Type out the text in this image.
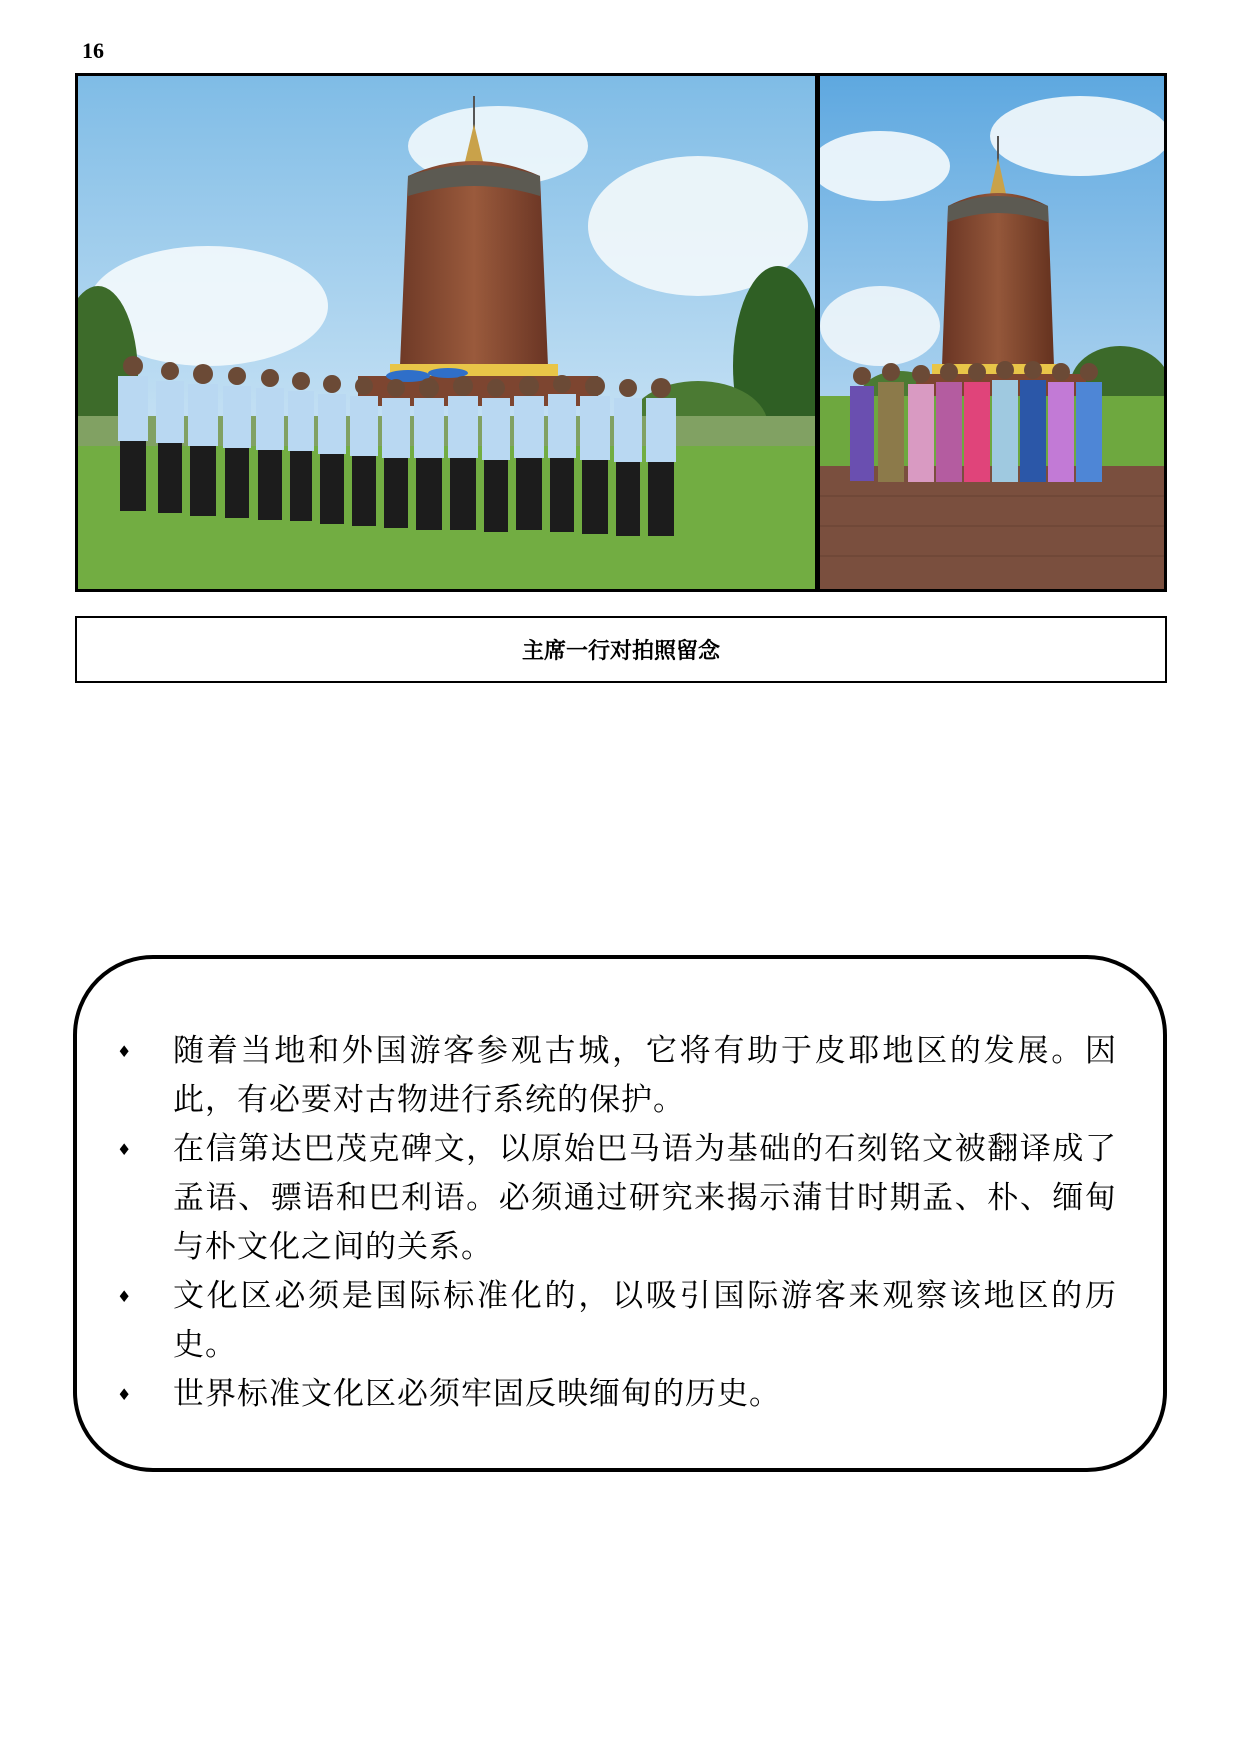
16
主席一行对拍照留念
♦ 随着当地和外国游客参观古城，它将有助于皮耶地区的发展。因此，有必要对古物进行系统的保护。
♦ 在信第达巴茂克碑文，以原始巴马语为基础的石刻铭文被翻译成了孟语、骠语和巴利语。必须通过研究来揭示蒲甘时期孟、朴、缅甸与朴文化之间的关系。
♦ 文化区必须是国际标准化的，以吸引国际游客来观察该地区的历史。
♦ 世界标准文化区必须牢固反映缅甸的历史。
